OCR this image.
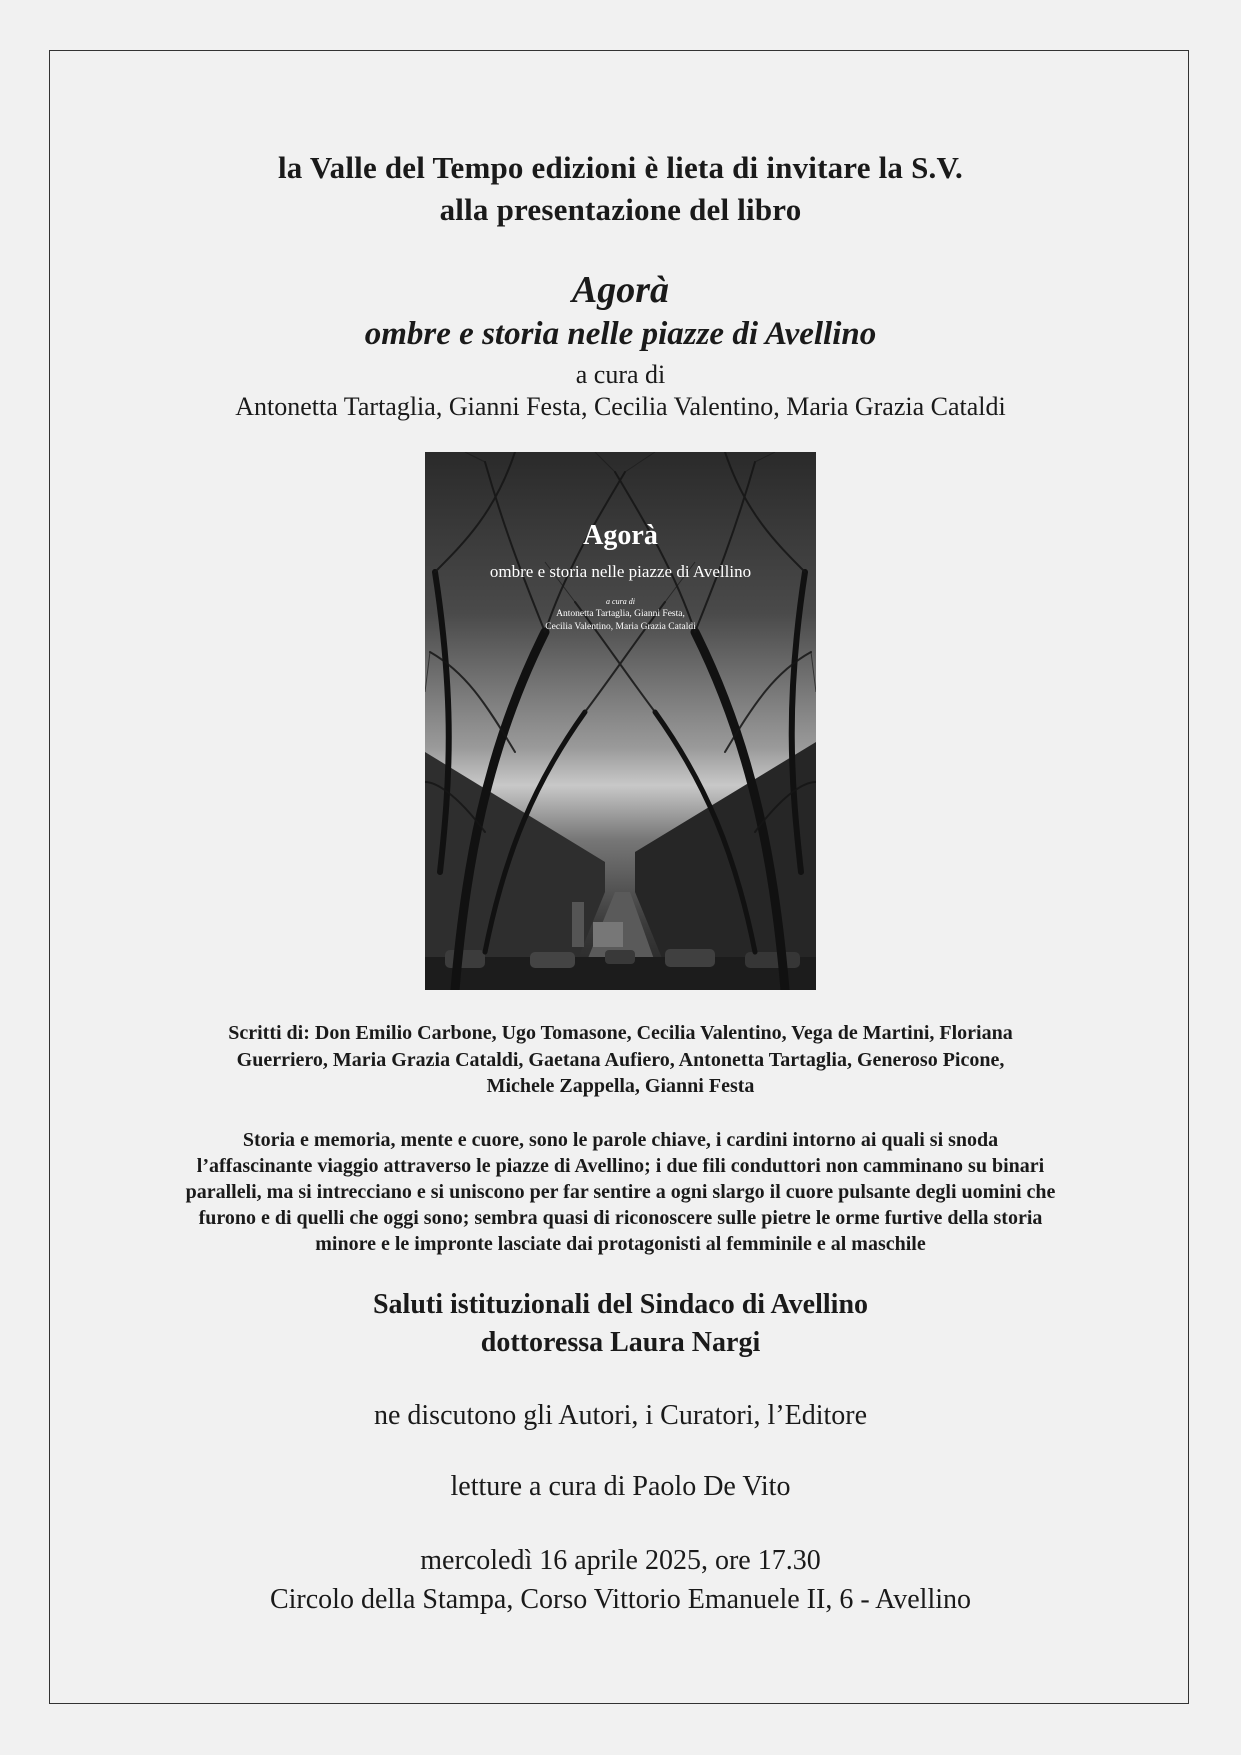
la Valle del Tempo edizioni è lieta di invitare la S.V.
alla presentazione del libro
Agorà
ombre e storia nelle piazze di Avellino
a cura di
Antonetta Tartaglia, Gianni Festa, Cecilia Valentino, Maria Grazia Cataldi
Agorà
ombre e storia nelle piazze di Avellino
a cura di
Antonetta Tartaglia, Gianni Festa,
Cecilia Valentino, Maria Grazia Cataldi
Scritti di: Don Emilio Carbone, Ugo Tomasone, Cecilia Valentino, Vega de Martini, Floriana
Guerriero, Maria Grazia Cataldi, Gaetana Aufiero, Antonetta Tartaglia, Generoso Picone,
Michele Zappella, Gianni Festa
Storia e memoria, mente e cuore, sono le parole chiave, i cardini intorno ai quali si snoda
l’affascinante viaggio attraverso le piazze di Avellino; i due fili conduttori non camminano su binari
paralleli, ma si intrecciano e si uniscono per far sentire a ogni slargo il cuore pulsante degli uomini che
furono e di quelli che oggi sono; sembra quasi di riconoscere sulle pietre le orme furtive della storia
minore e le impronte lasciate dai protagonisti al femminile e al maschile
Saluti istituzionali del Sindaco di Avellino
dottoressa Laura Nargi
ne discutono gli Autori, i Curatori, l’Editore
letture a cura di Paolo De Vito
mercoledì 16 aprile 2025, ore 17.30
Circolo della Stampa, Corso Vittorio Emanuele II, 6 - Avellino
